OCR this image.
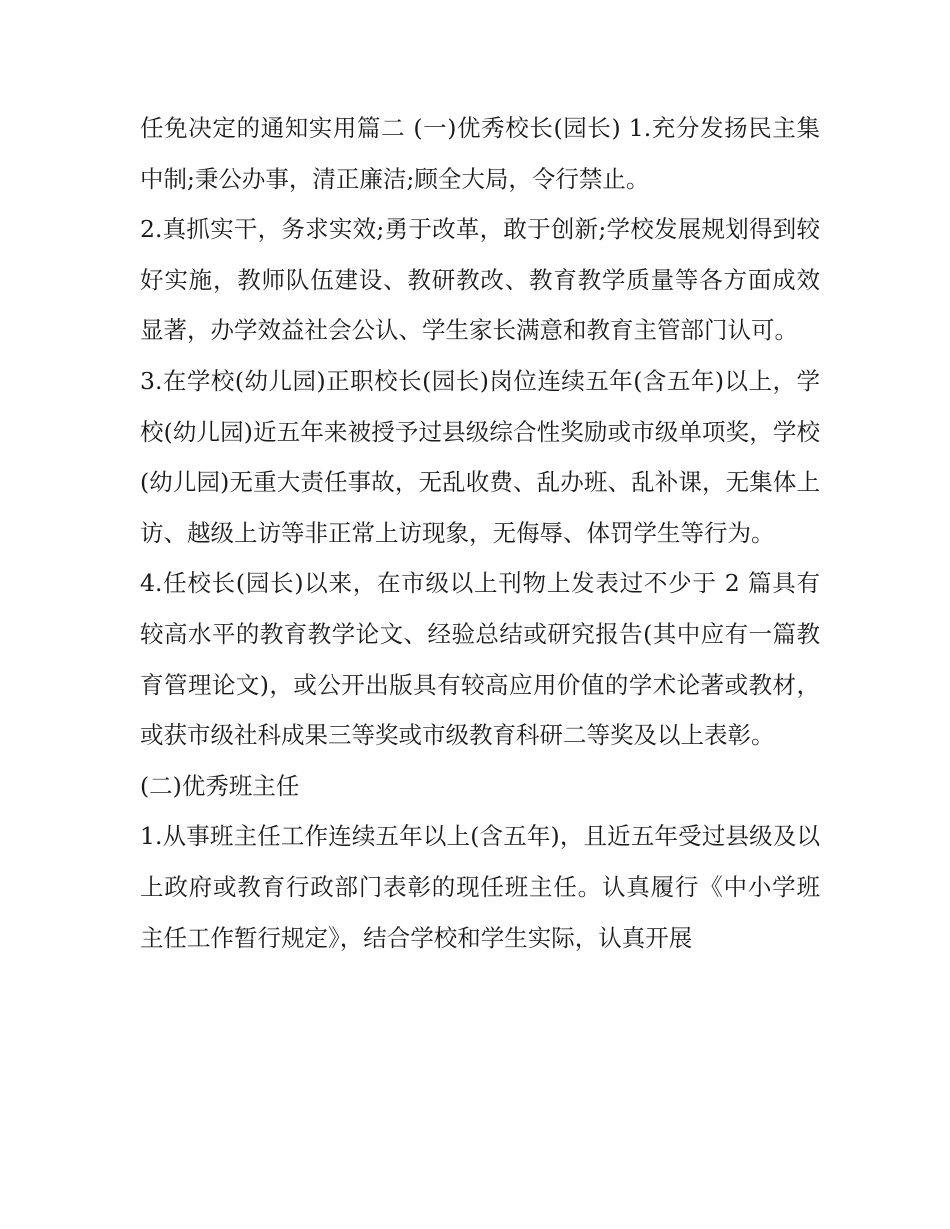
任免决定的通知实用篇二 (一)优秀校长(园长) 1.充分发扬民主集中制;秉公办事，清正廉洁;顾全大局，令行禁止。

2.真抓实干，务求实效;勇于改革，敢于创新;学校发展规划得到较好实施，教师队伍建设、教研教改、教育教学质量等各方面成效显著，办学效益社会公认、学生家长满意和教育主管部门认可。

3.在学校(幼儿园)正职校长(园长)岗位连续五年(含五年)以上，学校(幼儿园)近五年来被授予过县级综合性奖励或市级单项奖，学校(幼儿园)无重大责任事故，无乱收费、乱办班、乱补课，无集体上访、越级上访等非正常上访现象，无侮辱、体罚学生等行为。

4.任校长(园长)以来，在市级以上刊物上发表过不少于 2 篇具有较高水平的教育教学论文、经验总结或研究报告(其中应有一篇教育管理论文)，或公开出版具有较高应用价值的学术论著或教材，或获市级社科成果三等奖或市级教育科研二等奖及以上表彰。

(二)优秀班主任

1.从事班主任工作连续五年以上(含五年)，且近五年受过县级及以上政府或教育行政部门表彰的现任班主任。认真履行《中小学班主任工作暂行规定》，结合学校和学生实际，认真开展
